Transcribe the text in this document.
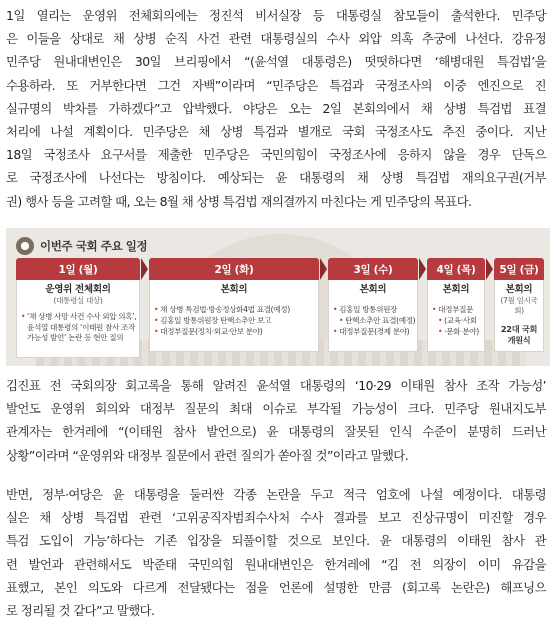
1일 열리는 운영위 전체회의에는 정진석 비서실장 등 대통령실 참모들이 출석한다. 민주당
은 이들을 상대로 채 상병 순직 사건 관련 대통령실의 수사 외압 의혹 추궁에 나선다. 강유정
민주당 원내대변인은 30일 브리핑에서 “(윤석열 대통령은) 떳떳하다면 ‘해병대원 특검법’을
수용하라. 또 거부한다면 그건 자백”이라며 “민주당은 특검과 국정조사의 이중 엔진으로 진
실규명의 박차를 가하겠다”고 압박했다. 야당은 오는 2일 본회의에서 채 상병 특검법 표결
처리에 나설 계획이다. 민주당은 채 상병 특검과 별개로 국회 국정조사도 추진 중이다. 지난
18일 국정조사 요구서를 제출한 민주당은 국민의힘이 국정조사에 응하지 않을 경우 단독으
로 국정조사에 나선다는 방침이다. 예상되는 윤 대통령의 채 상병 특검법 재의요구권(거부
권) 행사 등을 고려할 때, 오는 8월 채 상병 특검법 재의결까지 마친다는 게 민주당의 목표다.
이번주 국회 주요 일정
1일 (월)
운영위 전체회의
(대통령실 대상)
• ‘채 상병 사망 사건 수사 외압 의혹’,
윤석열 대통령의 ‘이태원 참사 조작
가능성 발언’ 논란 등 현안 질의
2일 (화)
본회의
• 채 상병 특검법·방송정상화4법 표결(예정)
• 김홍일 방통위원장 탄핵소추안 보고
• 대정부질문(정치·외교·안보 분야)
3일 (수)
본회의
• 김홍일 방통위원장
• 탄핵소추안 표결(예정)
• 대정부질문(경제 분야)
4일 (목)
본회의
• 대정부질문
• (교육·사회
• ·문화 분야)
5일 (금)
본회의
(7월 임시국회)
22대 국회
개원식
김진표 전 국회의장 회고록을 통해 알려진 윤석열 대통령의 ‘10·29 이태원 참사 조작 가능성’
발언도 운영위 회의와 대정부 질문의 최대 이슈로 부각될 가능성이 크다. 민주당 원내지도부
관계자는 한겨레에 “(이태원 참사 발언으로) 윤 대통령의 잘못된 인식 수준이 분명히 드러난
상황”이라며 “운영위와 대정부 질문에서 관련 질의가 쏟아질 것”이라고 말했다.
반면, 정부·여당은 윤 대통령을 둘러싼 각종 논란을 두고 적극 엄호에 나설 예정이다. 대통령
실은 채 상병 특검법 관련 ‘고위공직자범죄수사처 수사 결과를 보고 진상규명이 미진할 경우
특검 도입이 가능’하다는 기존 입장을 되풀이할 것으로 보인다. 윤 대통령의 이태원 참사 관
련 발언과 관련해서도 박준태 국민의힘 원내대변인은 한겨레에 “김 전 의장이 이미 유감을
표했고, 본인 의도와 다르게 전달됐다는 점을 언론에 설명한 만큼 (회고록 논란은) 해프닝으
로 정리될 것 같다”고 말했다.
